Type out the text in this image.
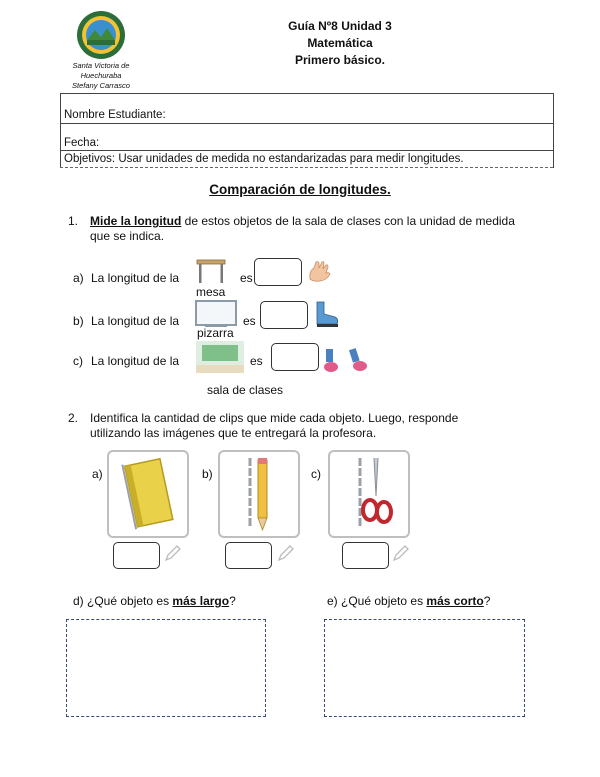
Santa Victoria de
Huechuraba
Stefany Carrasco
Guía Nº8 Unidad 3
Matemática
Primero básico.
Nombre Estudiante:
Fecha:
Objetivos: Usar unidades de medida no estandarizadas para medir longitudes.
Comparación de longitudes.
1. Mide la longitud de estos objetos de la sala de clases con la unidad de medida
que se indica.
a) La longitud de la
mesa
es
b) La longitud de la
pizarra
es
c) La longitud de la
sala de clases
es
2. Identifica la cantidad de clips que mide cada objeto. Luego, responde
utilizando las imágenes que te entregará la profesora.
a)	b)	c)
d) ¿Qué objeto es más largo?	e) ¿Qué objeto es más corto?
